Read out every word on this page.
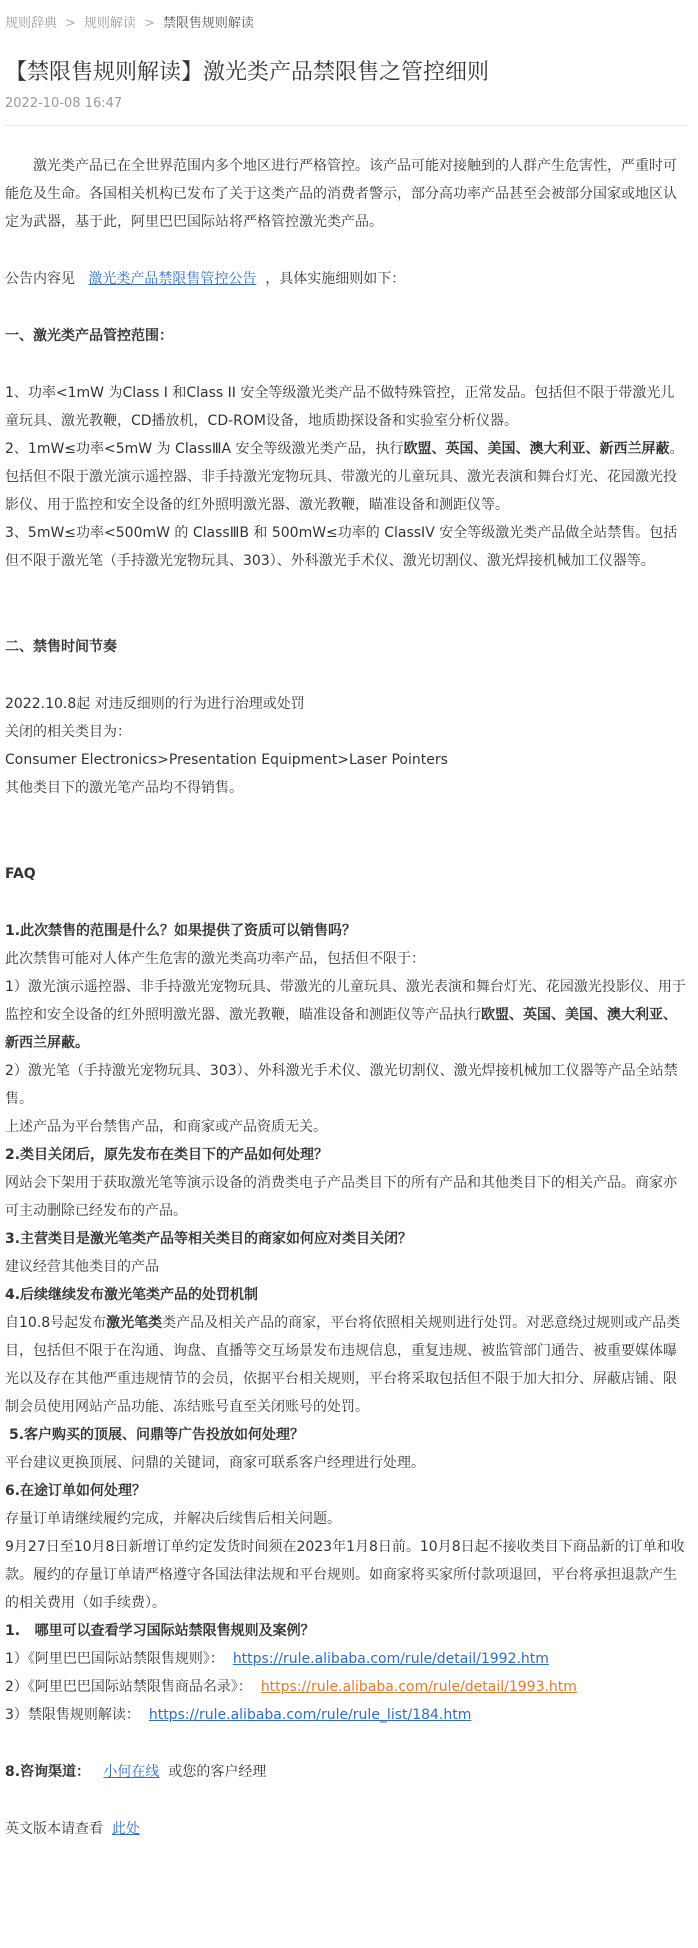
规则辞典 > 规则解读 > 禁限售规则解读
【禁限售规则解读】激光类产品禁限售之管控细则
2022-10-08 16:47

激光类产品已在全世界范围内多个地区进行严格管控。该产品可能对接触到的人群产生危害性，严重时可能危及生命。各国相关机构已发布了关于这类产品的消费者警示，部分高功率产品甚至会被部分国家或地区认定为武器，基于此，阿里巴巴国际站将严格管控激光类产品。

公告内容见 激光类产品禁限售管控公告 ，具体实施细则如下：

一、激光类产品管控范围：

1、功率<1mW 为Class I 和Class II 安全等级激光类产品不做特殊管控，正常发品。包括但不限于带激光儿童玩具、激光教鞭，CD播放机，CD-ROM设备，地质勘探设备和实验室分析仪器。

2、1mW≤功率<5mW 为 ClassⅢA 安全等级激光类产品，执行欧盟、英国、美国、澳大利亚、新西兰屏蔽。包括但不限于激光演示遥控器、非手持激光宠物玩具、带激光的儿童玩具、激光表演和舞台灯光、花园激光投影仪、用于监控和安全设备的红外照明激光器、激光教鞭，瞄准设备和测距仪等。

3、5mW≤功率<500mW 的 ClassⅢB 和 500mW≤功率的 ClassIV 安全等级激光类产品做全站禁售。包括但不限于激光笔（手持激光宠物玩具、303）、外科激光手术仪、激光切割仪、激光焊接机械加工仪器等。

二、禁售时间节奏

2022.10.8起 对违反细则的行为进行治理或处罚

关闭的相关类目为：

Consumer Electronics>Presentation Equipment>Laser Pointers

其他类目下的激光笔产品均不得销售。

FAQ

1.此次禁售的范围是什么？如果提供了资质可以销售吗？

此次禁售可能对人体产生危害的激光类高功率产品，包括但不限于：

1）激光演示遥控器、非手持激光宠物玩具、带激光的儿童玩具、激光表演和舞台灯光、花园激光投影仪、用于监控和安全设备的红外照明激光器、激光教鞭，瞄准设备和测距仪等产品执行欧盟、英国、美国、澳大利亚、新西兰屏蔽。

2）激光笔（手持激光宠物玩具、303）、外科激光手术仪、激光切割仪、激光焊接机械加工仪器等产品全站禁售。

上述产品为平台禁售产品，和商家或产品资质无关。

2.类目关闭后，原先发布在类目下的产品如何处理？

网站会下架用于获取激光笔等演示设备的消费类电子产品类目下的所有产品和其他类目下的相关产品。商家亦可主动删除已经发布的产品。

3.主营类目是激光笔类产品等相关类目的商家如何应对类目关闭？

建议经营其他类目的产品

4.后续继续发布激光笔类产品的处罚机制

自10.8号起发布激光笔类类产品及相关产品的商家，平台将依照相关规则进行处罚。对恶意绕过规则或产品类目，包括但不限于在沟通、询盘、直播等交互场景发布违规信息，重复违规、被监管部门通告、被重要媒体曝光以及存在其他严重违规情节的会员，依据平台相关规则，平台将采取包括但不限于加大扣分、屏蔽店铺、限制会员使用网站产品功能、冻结账号直至关闭账号的处罚。

5.客户购买的顶展、问鼎等广告投放如何处理？

平台建议更换顶展、问鼎的关键词，商家可联系客户经理进行处理。

6.在途订单如何处理？

存量订单请继续履约完成，并解决后续售后相关问题。

9月27日至10月8日新增订单约定发货时间须在2023年1月8日前。10月8日起不接收类目下商品新的订单和收款。履约的存量订单请严格遵守各国法律法规和平台规则。如商家将买家所付款项退回，平台将承担退款产生的相关费用（如手续费）。

1.   哪里可以查看学习国际站禁限售规则及案例？

1）《阿里巴巴国际站禁限售规则》： https://rule.alibaba.com/rule/detail/1992.htm

2）《阿里巴巴国际站禁限售商品名录》： https://rule.alibaba.com/rule/detail/1993.htm

3）禁限售规则解读： https://rule.alibaba.com/rule/rule_list/184.htm

8.咨询渠道： 小何在线 或您的客户经理

英文版本请查看 此处
